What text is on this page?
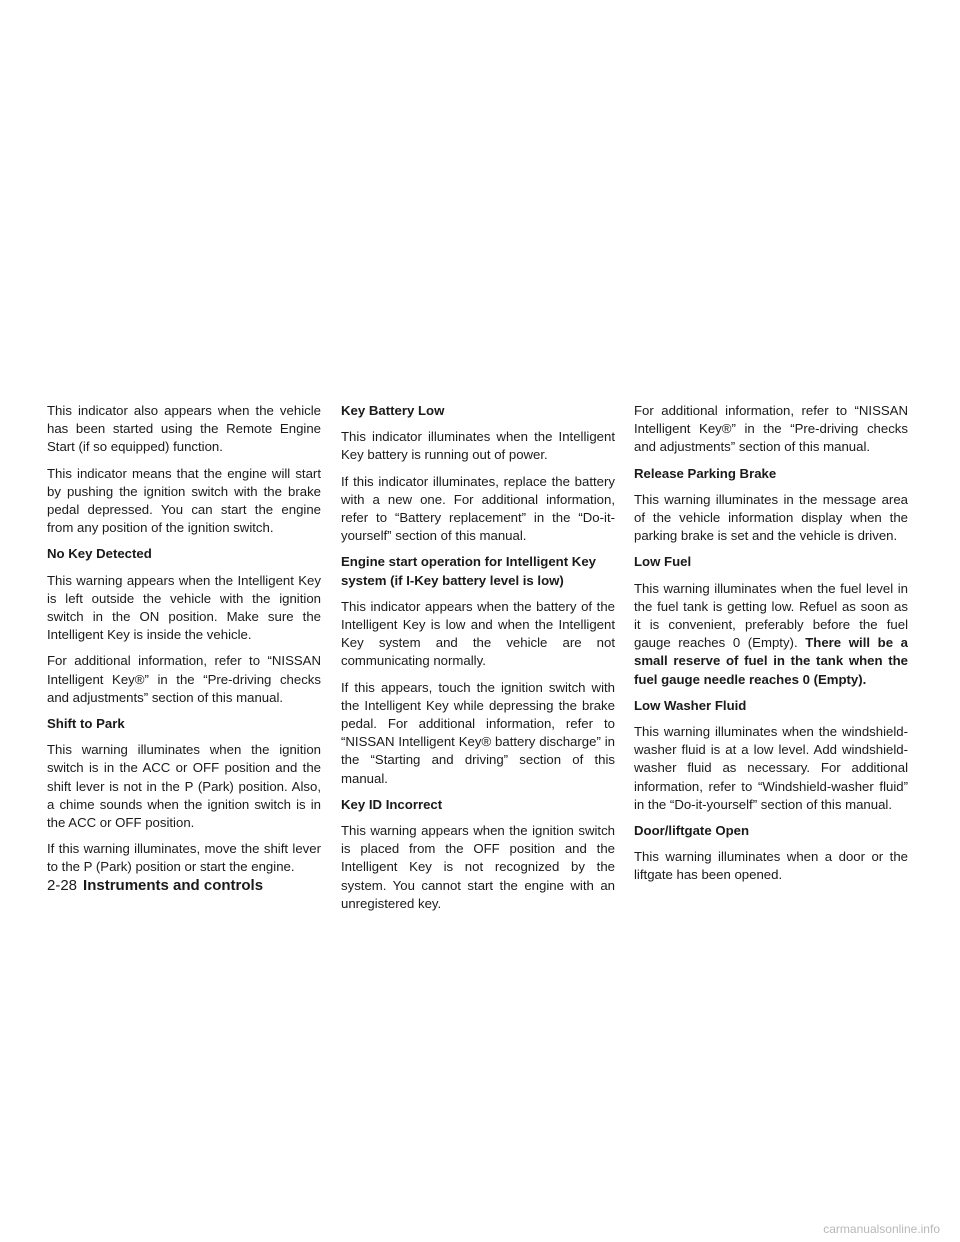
This indicator also appears when the vehicle has been started using the Remote Engine Start (if so equipped) function.

This indicator means that the engine will start by pushing the ignition switch with the brake pedal depressed. You can start the engine from any position of the ignition switch.

No Key Detected

This warning appears when the Intelligent Key is left outside the vehicle with the ignition switch in the ON position. Make sure the Intelligent Key is inside the vehicle.

For additional information, refer to “NISSAN Intelligent Key®” in the “Pre-driving checks and adjustments” section of this manual.

Shift to Park

This warning illuminates when the ignition switch is in the ACC or OFF position and the shift lever is not in the P (Park) position. Also, a chime sounds when the ignition switch is in the ACC or OFF position.

If this warning illuminates, move the shift lever to the P (Park) position or start the engine.

Key Battery Low

This indicator illuminates when the Intelligent Key battery is running out of power.

If this indicator illuminates, replace the battery with a new one. For additional information, refer to “Battery replacement” in the “Do-it-yourself” section of this manual.

Engine start operation for Intelligent Key system (if I-Key battery level is low)

This indicator appears when the battery of the Intelligent Key is low and when the Intelligent Key system and the vehicle are not communicating normally.

If this appears, touch the ignition switch with the Intelligent Key while depressing the brake pedal. For additional information, refer to “NISSAN Intelligent Key® battery discharge” in the “Starting and driving” section of this manual.

Key ID Incorrect

This warning appears when the ignition switch is placed from the OFF position and the Intelligent Key is not recognized by the system. You cannot start the engine with an unregistered key.

For additional information, refer to “NISSAN Intelligent Key®” in the “Pre-driving checks and adjustments” section of this manual.

Release Parking Brake

This warning illuminates in the message area of the vehicle information display when the parking brake is set and the vehicle is driven.

Low Fuel

This warning illuminates when the fuel level in the fuel tank is getting low. Refuel as soon as it is convenient, preferably before the fuel gauge reaches 0 (Empty). There will be a small reserve of fuel in the tank when the fuel gauge needle reaches 0 (Empty).

Low Washer Fluid

This warning illuminates when the windshield-washer fluid is at a low level. Add windshield-washer fluid as necessary. For additional information, refer to “Windshield-washer fluid” in the “Do-it-yourself” section of this manual.

Door/liftgate Open

This warning illuminates when a door or the liftgate has been opened.

2-28 Instruments and controls
carmanualsonline.info
